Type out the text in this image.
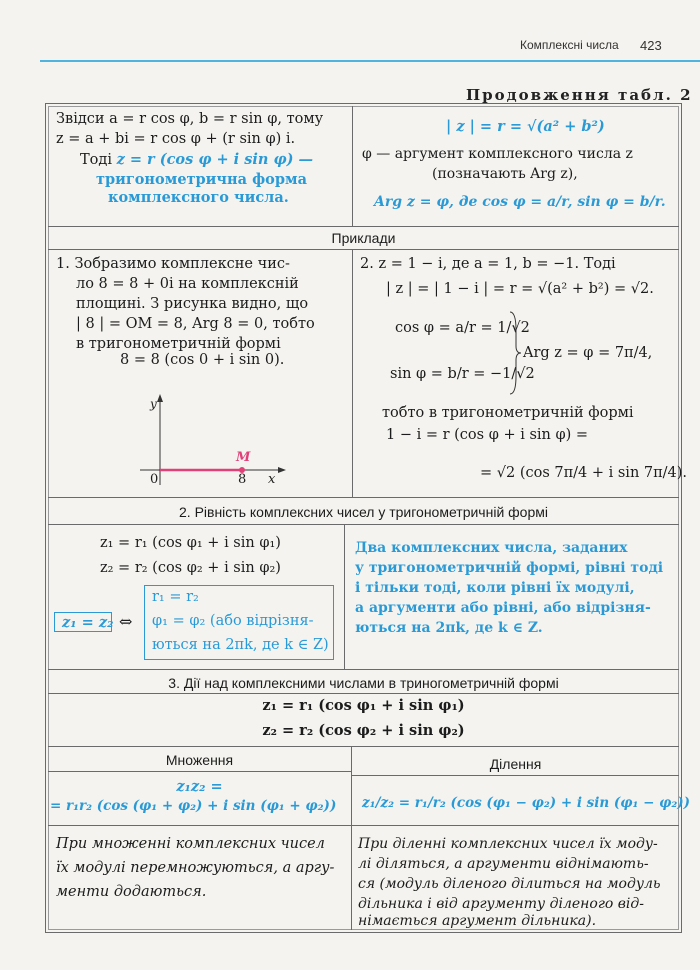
Комплексні числа 423
Продовження табл. 2
Звідси a = r cos φ, b = r sin φ, тому
z = a + bi = r cos φ + (r sin φ) i.
Тоді z = r (cos φ + i sin φ) —
тригонометрична форма
комплексного числа.
| z | = r = √(a² + b²)
φ — аргумент комплексного числа z
(позначають Arg z),
Arg z = φ, де cos φ = a/r, sin φ = b/r.
Приклади
1. Зобразимо комплексне чис-
ло 8 = 8 + 0i на комплексній
площині. З рисунка видно, що
| 8 | = OM = 8, Arg 8 = 0, тобто
в тригонометричній формі
8 = 8 (cos 0 + i sin 0).
y
x
0	8
M
2. z = 1 − i, де a = 1, b = −1. Тоді
| z | = | 1 − i | = r = √(a² + b²) = √2.
cos φ = a/r = 1/√2
sin φ = b/r = −1/√2
Arg z = φ = 7π/4,
тобто в тригонометричній формі
1 − i = r (cos φ + i sin φ) =
= √2 (cos 7π/4 + i sin 7π/4).
2. Рівність комплексних чисел у тригонометричній формі
z₁ = r₁ (cos φ₁ + i sin φ₁)
z₂ = r₂ (cos φ₂ + i sin φ₂)
z₁ = z₂ ⇔
r₁ = r₂
φ₁ = φ₂ (або відрізня-
ються на 2πk, де k ∈ Z)
Два комплексних числа, заданих
у тригонометричній формі, рівні тоді
і тільки тоді, коли рівні їх модулі,
а аргументи або рівні, або відрізня-
ються на 2πk, де k ∈ Z.
3. Дії над комплексними числами в триногометричній формі
z₁ = r₁ (cos φ₁ + i sin φ₁)
z₂ = r₂ (cos φ₂ + i sin φ₂)
Множення	Ділення
z₁z₂ =
= r₁r₂ (cos (φ₁ + φ₂) + i sin (φ₁ + φ₂)) z₁/z₂ = r₁/r₂ (cos (φ₁ − φ₂) + i sin (φ₁ − φ₂))
При множенні комплексних чисел
їх модулі перемножуються, а аргу-
менти додаються.
При діленні комплексних чисел їх моду-
лі діляться, а аргументи віднімають-
ся (модуль діленого ділиться на модуль
дільника і від аргументу діленого від-
німається аргумент дільника).
